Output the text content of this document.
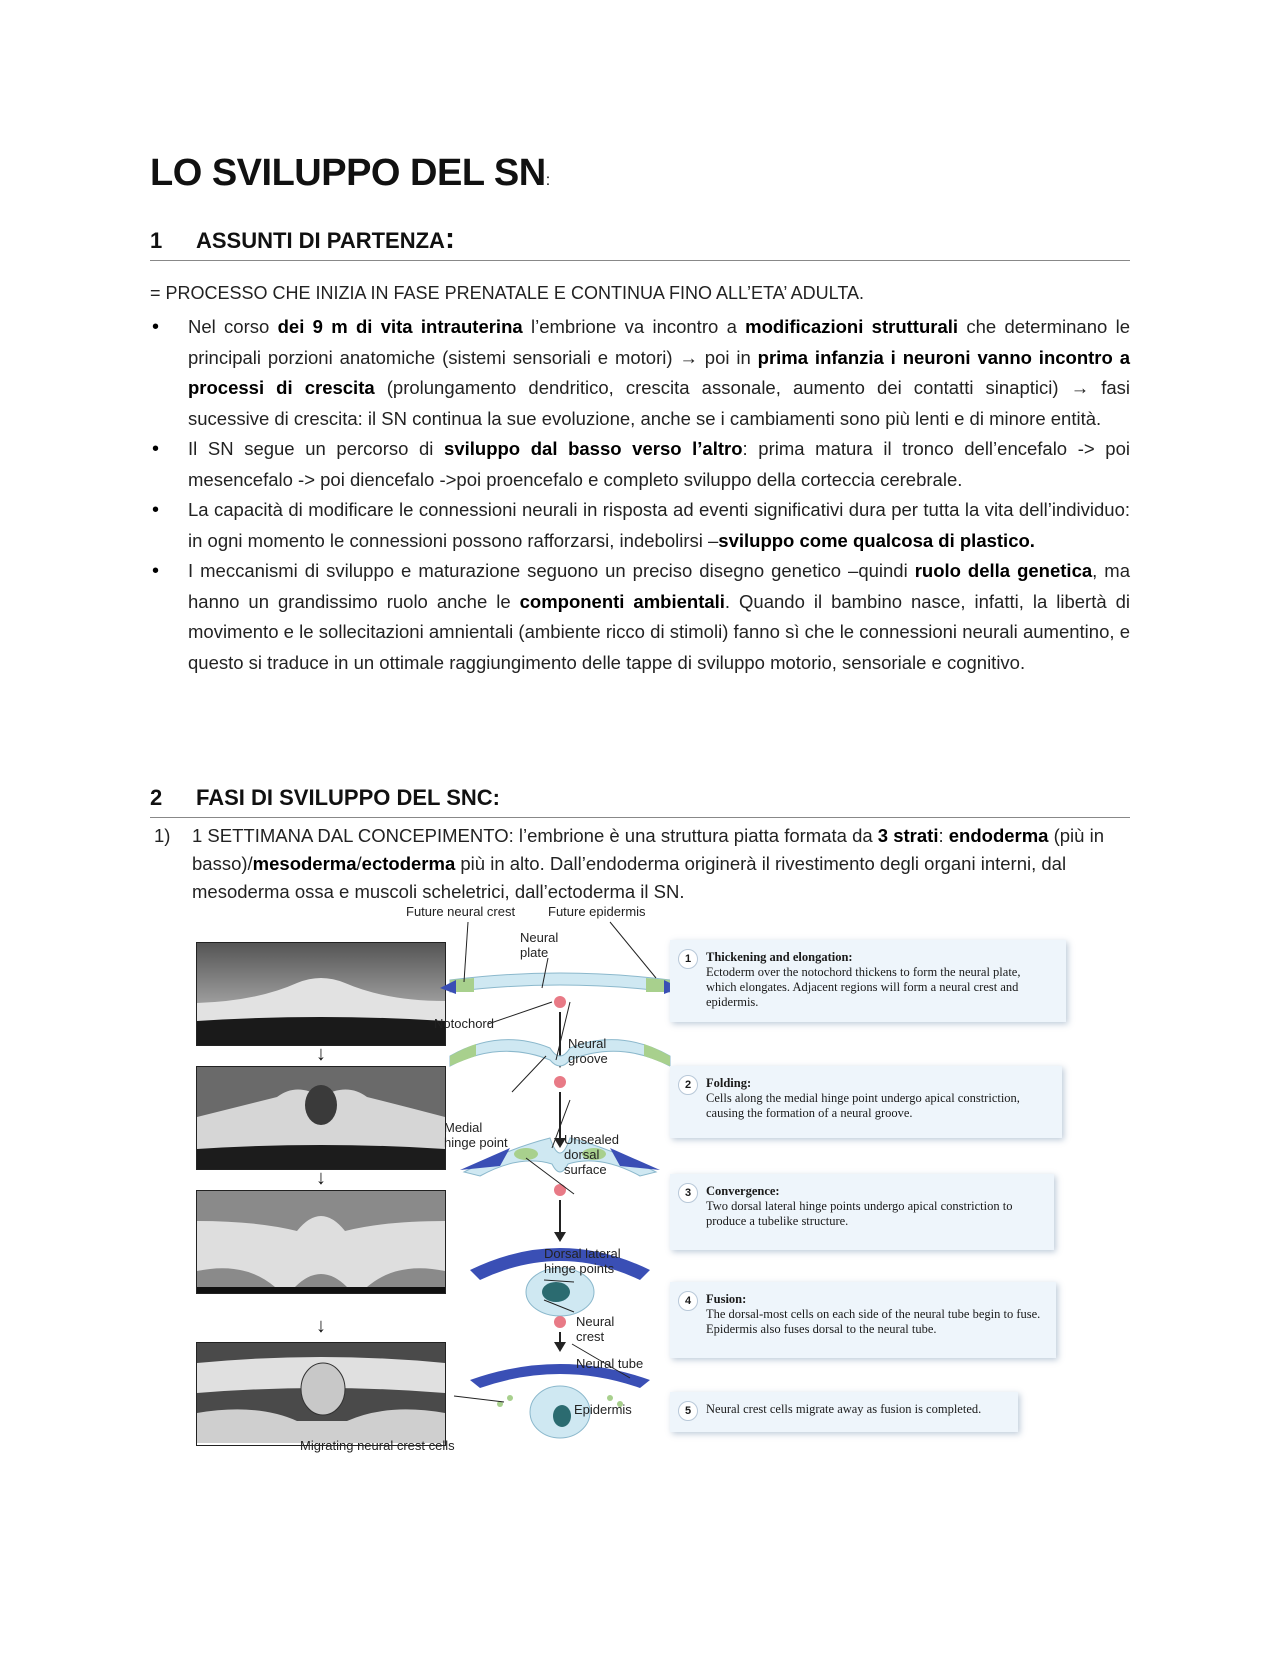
LO SVILUPPO DEL SN:
1 ASSUNTI DI PARTENZA:
= PROCESSO CHE INIZIA IN FASE PRENATALE E CONTINUA FINO ALL’ETA’ ADULTA.
• Nel corso dei 9 m di vita intrauterina l’embrione va incontro a modificazioni strutturali che determinano le principali porzioni anatomiche (sistemi sensoriali e motori) → poi in prima infanzia i neuroni vanno incontro a processi di crescita (prolungamento dendritico, crescita assonale, aumento dei contatti sinaptici) → fasi sucessive di crescita: il SN continua la sue evoluzione, anche se i cambiamenti sono più lenti e di minore entità.
• Il SN segue un percorso di sviluppo dal basso verso l’altro: prima matura il tronco dell’encefalo -> poi mesencefalo -> poi diencefalo ->poi proencefalo e completo sviluppo della corteccia cerebrale.
• La capacità di modificare le connessioni neurali in risposta ad eventi significativi dura per tutta la vita dell’individuo: in ogni momento le connessioni possono rafforzarsi, indebolirsi –sviluppo come qualcosa di plastico.
• I meccanismi di sviluppo e maturazione seguono un preciso disegno genetico –quindi ruolo della genetica, ma hanno un grandissimo ruolo anche le componenti ambientali. Quando il bambino nasce, infatti, la libertà di movimento e le sollecitazioni amnientali (ambiente ricco di stimoli) fanno sì che le connessioni neurali aumentino, e questo si traduce in un ottimale raggiungimento delle tappe di sviluppo motorio, sensoriale e cognitivo.
2 FASI DI SVILUPPO DEL SNC:
1) 1 SETTIMANA DAL CONCEPIMENTO: l’embrione è una struttura piatta formata da 3 strati: endoderma (più in basso)/mesoderma/ectoderma più in alto. Dall’endoderma originerà il rivestimento degli organi interni, dal mesoderma ossa e muscoli scheletrici, dall’ectoderma il SN.
↓
↓
↓
Migrating neural crest cells
Future neural crest	Future epidermis
Neural
plate
Notochord
Neural
groove
Medial
hinge point	Unsealed
dorsal
surface
Dorsal lateral
hinge points
Neural
crest
Neural tube
Epidermis
1	Thickening and elongation:
Ectoderm over the notochord thickens to form the neural plate, which elongates. Adjacent regions will form a neural crest and epidermis.
2	Folding:
Cells along the medial hinge point undergo apical constriction, causing the formation of a neural groove.
3	Convergence:
Two dorsal lateral hinge points undergo apical constriction to produce a tubelike structure.
4	Fusion:
The dorsal-most cells on each side of the neural tube begin to fuse. Epidermis also fuses dorsal to the neural tube.
5	Neural crest cells migrate away as fusion is completed.
